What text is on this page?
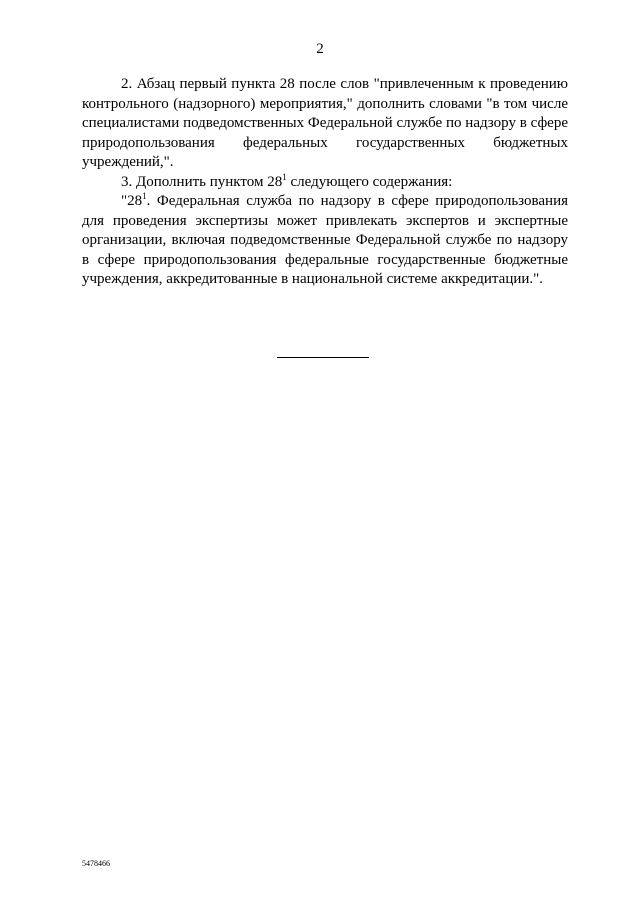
2

2. Абзац первый пункта 28 после слов "привлеченным к проведению контрольного (надзорного) мероприятия," дополнить словами "в том числе специалистами подведомственных Федеральной службе по надзору в сфере природопользования федеральных государственных бюджетных учреждений,".

3. Дополнить пунктом $28^1$ следующего содержания:

"$28^1$. Федеральная служба по надзору в сфере природопользования для проведения экспертизы может привлекать экспертов и экспертные организации, включая подведомственные Федеральной службе по надзору в сфере природопользования федеральные государственные бюджетные учреждения, аккредитованные в национальной системе аккредитации.".

5478466
